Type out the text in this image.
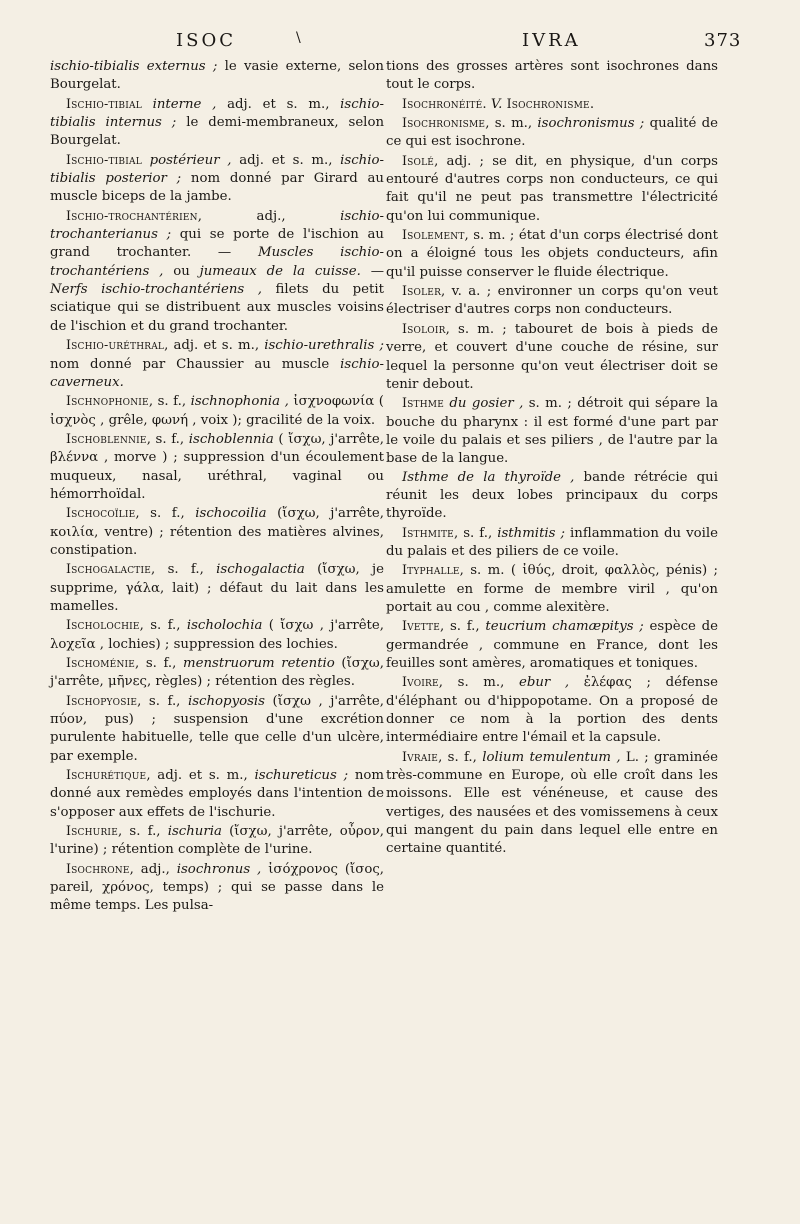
ISOC	\	IVRA	373

ischio-tibialis externus ; le vasie externe, selon Bourgelat.

Ischio-tibial interne , adj. et s. m., ischio-tibialis internus ; le demi-membraneux, selon Bourgelat.

Ischio-tibial postérieur , adj. et s. m., ischio-tibialis posterior ; nom donné par Girard au muscle biceps de la jambe.

Ischio-trochantérien, adj., ischio-trochanterianus ; qui se porte de l'ischion au grand trochanter. — Muscles ischio-trochantériens , ou jumeaux de la cuisse. — Nerfs ischio-trochantériens , filets du petit sciatique qui se distribuent aux muscles voisins de l'ischion et du grand trochanter.

Ischio-uréthral, adj. et s. m., ischio-urethralis ; nom donné par Chaussier au muscle ischio-caverneux.

Ischnophonie, s. f., ischnophonia , ἰσχνοφωνία ( ἰσχνὸς , grêle, φωνή , voix ); gracilité de la voix.

Ischoblennie, s. f., ischoblennia ( ἴσχω, j'arrête, βλέννα , morve ) ; suppression d'un écoulement muqueux, nasal, uréthral, vaginal ou hémorrhoïdal.

Ischocoïlie, s. f., ischocoilia (ἴσχω, j'arrête, κοιλία, ventre) ; rétention des matières alvines, constipation.

Ischogalactie, s. f., ischogalactia (ἴσχω, je supprime, γάλα, lait) ; défaut du lait dans les mamelles.

Ischolochie, s. f., ischolochia ( ἴσχω , j'arrête, λοχεῖα , lochies) ; suppression des lochies.

Ischoménie, s. f., menstruorum retentio (ἴσχω, j'arrête, μῆνες, règles) ; rétention des règles.

Ischopyosie, s. f., ischopyosis (ἴσχω , j'arrête, πύον, pus) ; suspension d'une excrétion purulente habituelle, telle que celle d'un ulcère, par exemple.

Ischurétique, adj. et s. m., ischureticus ; nom donné aux remèdes employés dans l'intention de s'opposer aux effets de l'ischurie.

Ischurie, s. f., ischuria (ἴσχω, j'arrête, οὖρον, l'urine) ; rétention complète de l'urine.

Isochrone, adj., isochronus , ἰσόχρονος (ἴσος, pareil, χρόνος, temps) ; qui se passe dans le même temps. Les pulsa-

tions des grosses artères sont isochrones dans tout le corps.

Isochronéité. V. Isochronisme.

Isochronisme, s. m., isochronismus ; qualité de ce qui est isochrone.

Isolé, adj. ; se dit, en physique, d'un corps entouré d'autres corps non conducteurs, ce qui fait qu'il ne peut pas transmettre l'électricité qu'on lui communique.

Isolement, s. m. ; état d'un corps électrisé dont on a éloigné tous les objets conducteurs, afin qu'il puisse conserver le fluide électrique.

Isoler, v. a. ; environner un corps qu'on veut électriser d'autres corps non conducteurs.

Isoloir, s. m. ; tabouret de bois à pieds de verre, et couvert d'une couche de résine, sur lequel la personne qu'on veut électriser doit se tenir debout.

Isthme du gosier , s. m. ; détroit qui sépare la bouche du pharynx : il est formé d'une part par le voile du palais et ses piliers , de l'autre par la base de la langue.

Isthme de la thyroïde , bande rétrécie qui réunit les deux lobes principaux du corps thyroïde.

Isthmite, s. f., isthmitis ; inflammation du voile du palais et des piliers de ce voile.

Ityphalle, s. m. ( ἰθύς, droit, φαλλὸς, pénis) ; amulette en forme de membre viril , qu'on portait au cou , comme alexitère.

Ivette, s. f., teucrium chamæpitys ; espèce de germandrée , commune en France, dont les feuilles sont amères, aromatiques et toniques.

Ivoire, s. m., ebur , ἐλέφας ; défense d'éléphant ou d'hippopotame. On a proposé de donner ce nom à la portion des dents intermédiaire entre l'émail et la capsule.

Ivraie, s. f., lolium temulentum , L. ; graminée très-commune en Europe, où elle croît dans les moissons. Elle est vénéneuse, et cause des vertiges, des nausées et des vomissemens à ceux qui mangent du pain dans lequel elle entre en certaine quantité.
